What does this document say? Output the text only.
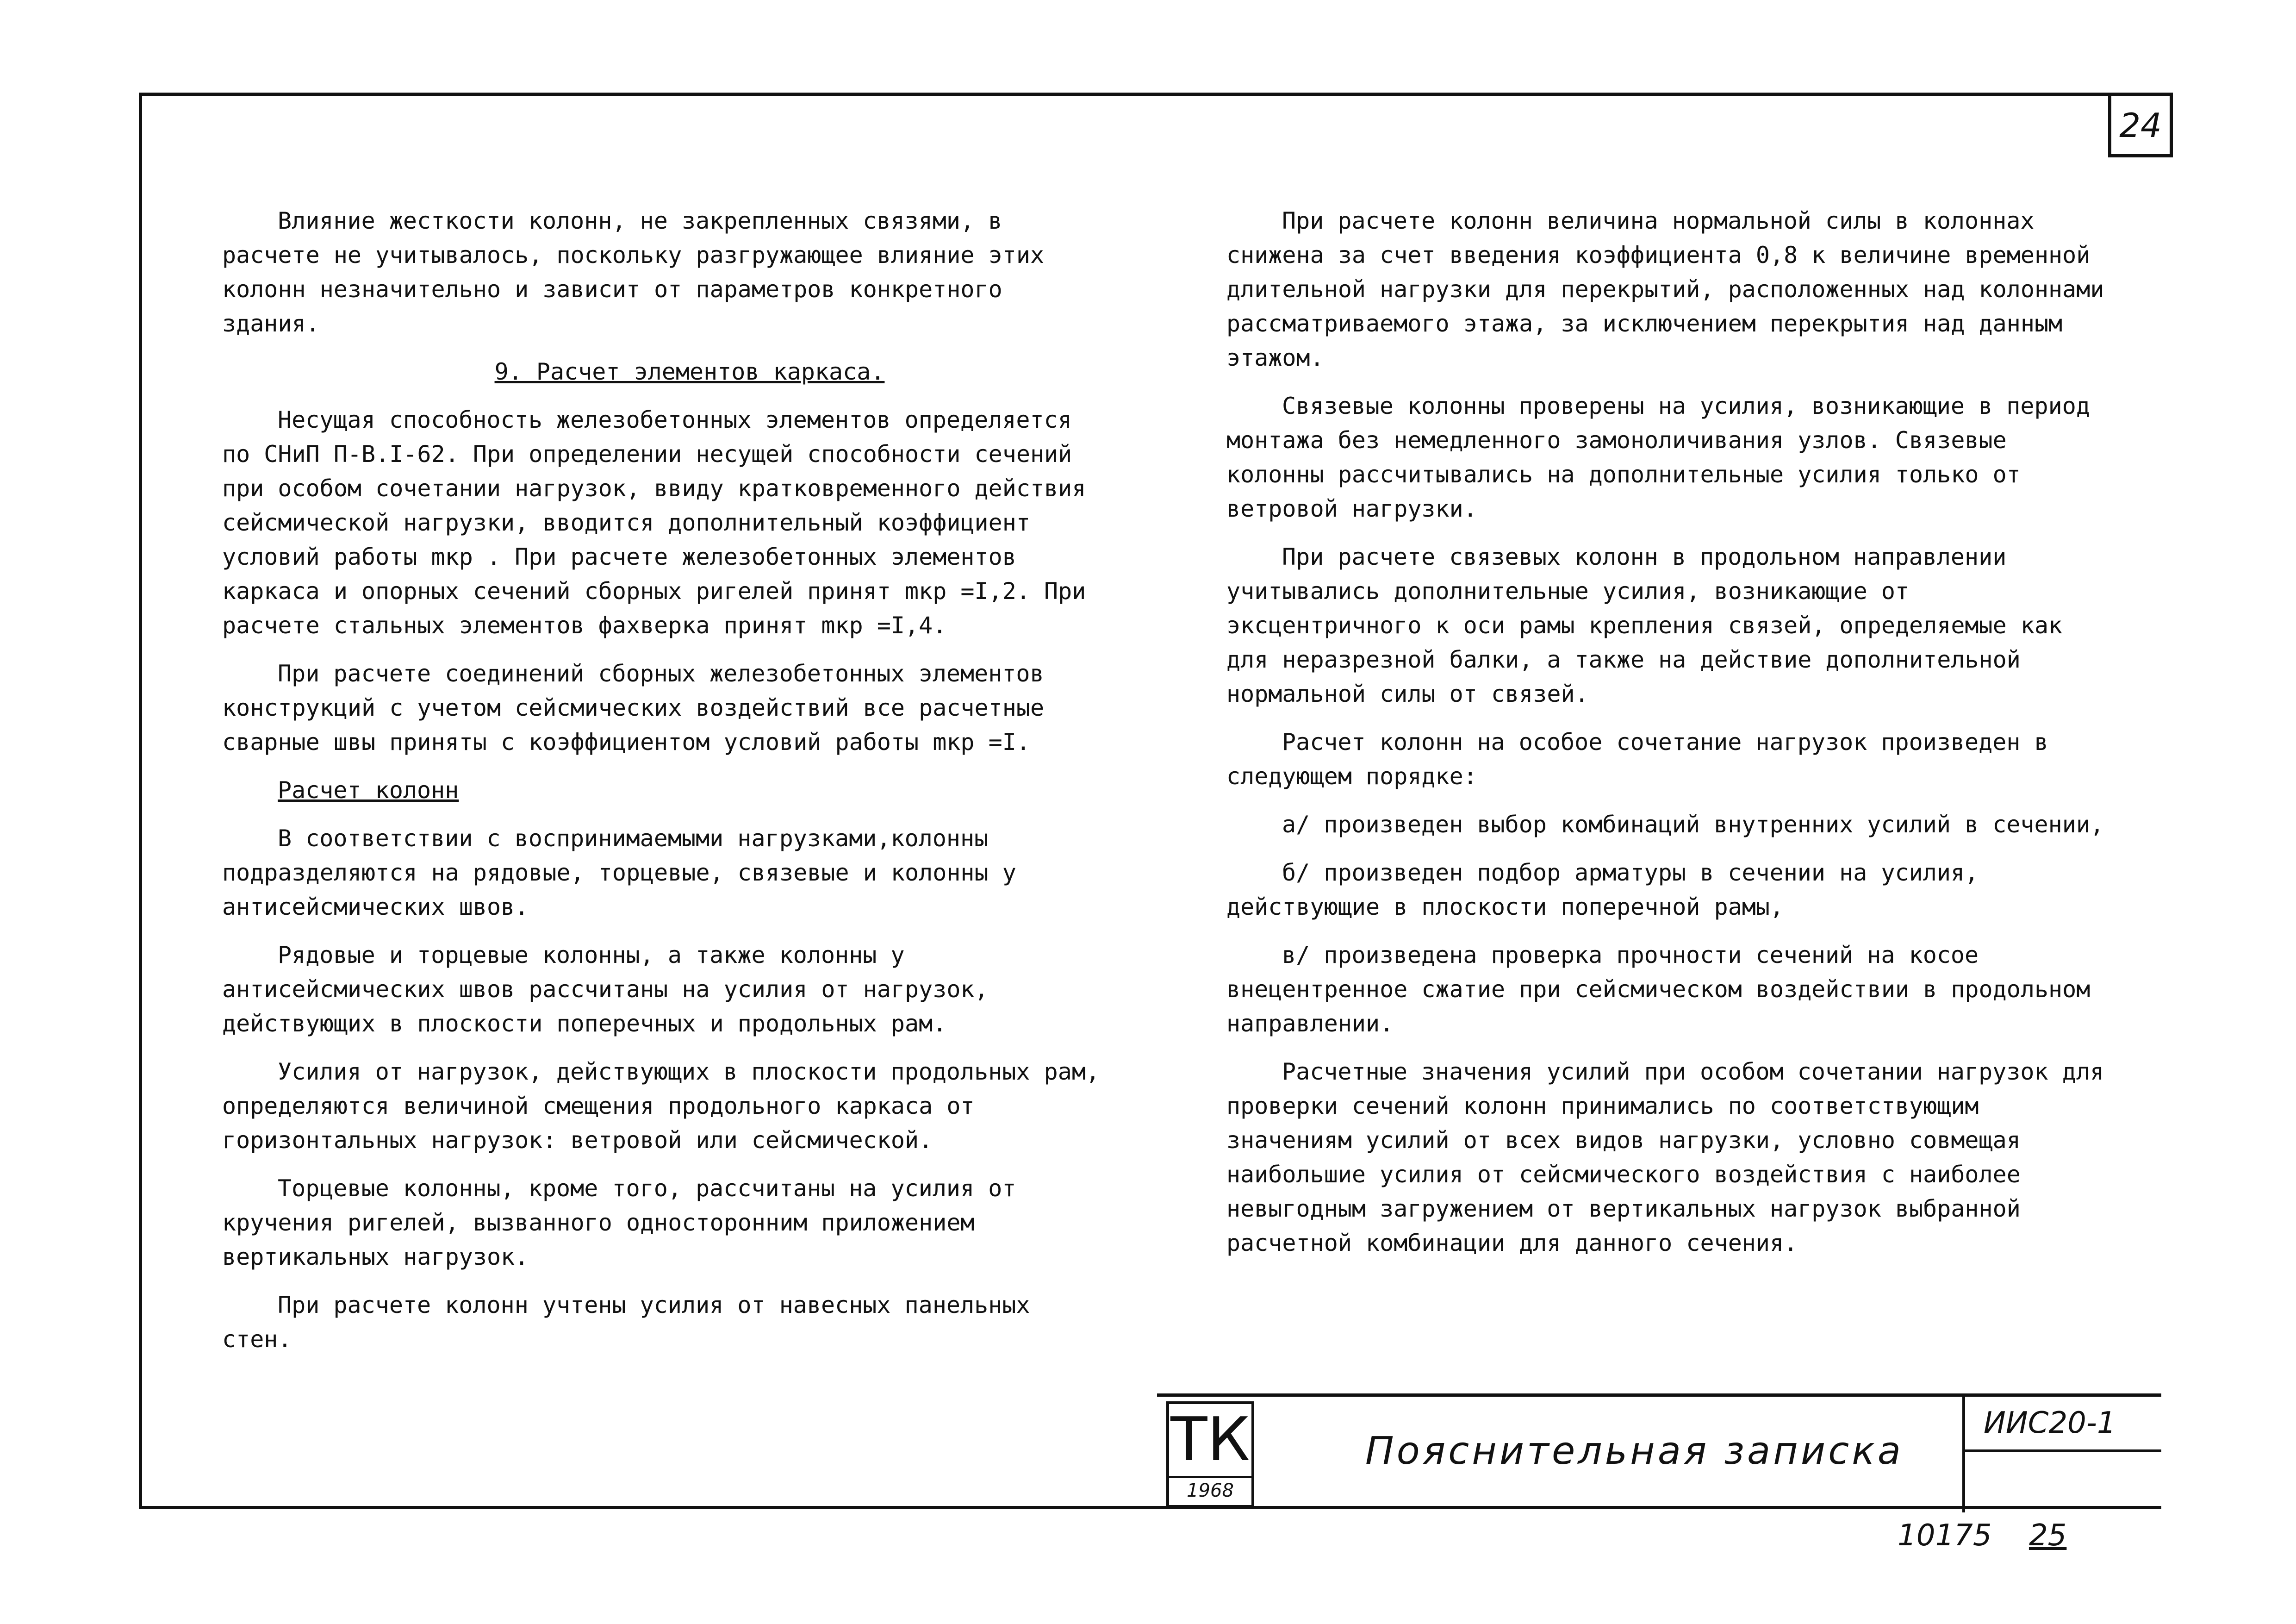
24

Влияние жесткости колонн, не закрепленных связями, в расчете не учитывалось, поскольку разгружающее влияние этих колонн незначительно и зависит от параметров конкретного здания.

9. Расчет элементов каркаса.

Несущая способность железобетонных элементов определяется по СНиП П-В.I-62. При определении несущей способности сечений при особом сочетании нагрузок, ввиду кратковременного действия сейсмической нагрузки, вводится дополнительный коэффициент условий работы mкр . При расчете железобетонных элементов каркаса и опорных сечений сборных ригелей принят mкр =I,2. При расчете стальных элементов фахверка принят mкр =I,4.

При расчете соединений сборных железобетонных элементов конструкций с учетом сейсмических воздействий все расчетные сварные швы приняты с коэффициентом условий работы mкр =I.

Расчет колонн

В соответствии с воспринимаемыми нагрузками,колонны подразделяются на рядовые, торцевые, связевые и колонны у антисейсмических швов.

Рядовые и торцевые колонны, а также колонны у антисейсмических швов рассчитаны на усилия от нагрузок, действующих в плоскости поперечных и продольных рам.

Усилия от нагрузок, действующих в плоскости продольных рам, определяются величиной смещения продольного каркаса от горизонтальных нагрузок: ветровой или сейсмической.

Торцевые колонны, кроме того, рассчитаны на усилия от кручения ригелей, вызванного односторонним приложением вертикальных нагрузок.

При расчете колонн учтены усилия от навесных панельных стен.

При расчете колонн величина нормальной силы в колоннах снижена за счет введения коэффициента 0,8 к величине временной длительной нагрузки для перекрытий, расположенных над колоннами рассматриваемого этажа, за исключением перекрытия над данным этажом.

Связевые колонны проверены на усилия, возникающие в период монтажа без немедленного замоноличивания узлов. Связевые колонны рассчитывались на дополнительные усилия только от ветровой нагрузки.

При расчете связевых колонн в продольном направлении учитывались дополнительные усилия, возникающие от эксцентричного к оси рамы крепления связей, определяемые как для неразрезной балки, а также на действие дополнительной нормальной силы от связей.

Расчет колонн на особое сочетание нагрузок произведен в следующем порядке:

а/ произведен выбор комбинаций внутренних усилий в сечении,

б/ произведен подбор арматуры в сечении на усилия, действующие в плоскости поперечной рамы,

в/ произведена проверка прочности сечений на косое внецентренное сжатие при сейсмическом воздействии в продольном направлении.

Расчетные значения усилий при особом сочетании нагрузок для проверки сечений колонн принимались по соответствующим значениям усилий от всех видов нагрузки, условно совмещая наибольшие усилия от сейсмического воздействия с наиболее невыгодным загружением от вертикальных нагрузок выбранной расчетной комбинации для данного сечения.

ТК
1968
Пояснительная записка
ИИС20-1
10175 25
